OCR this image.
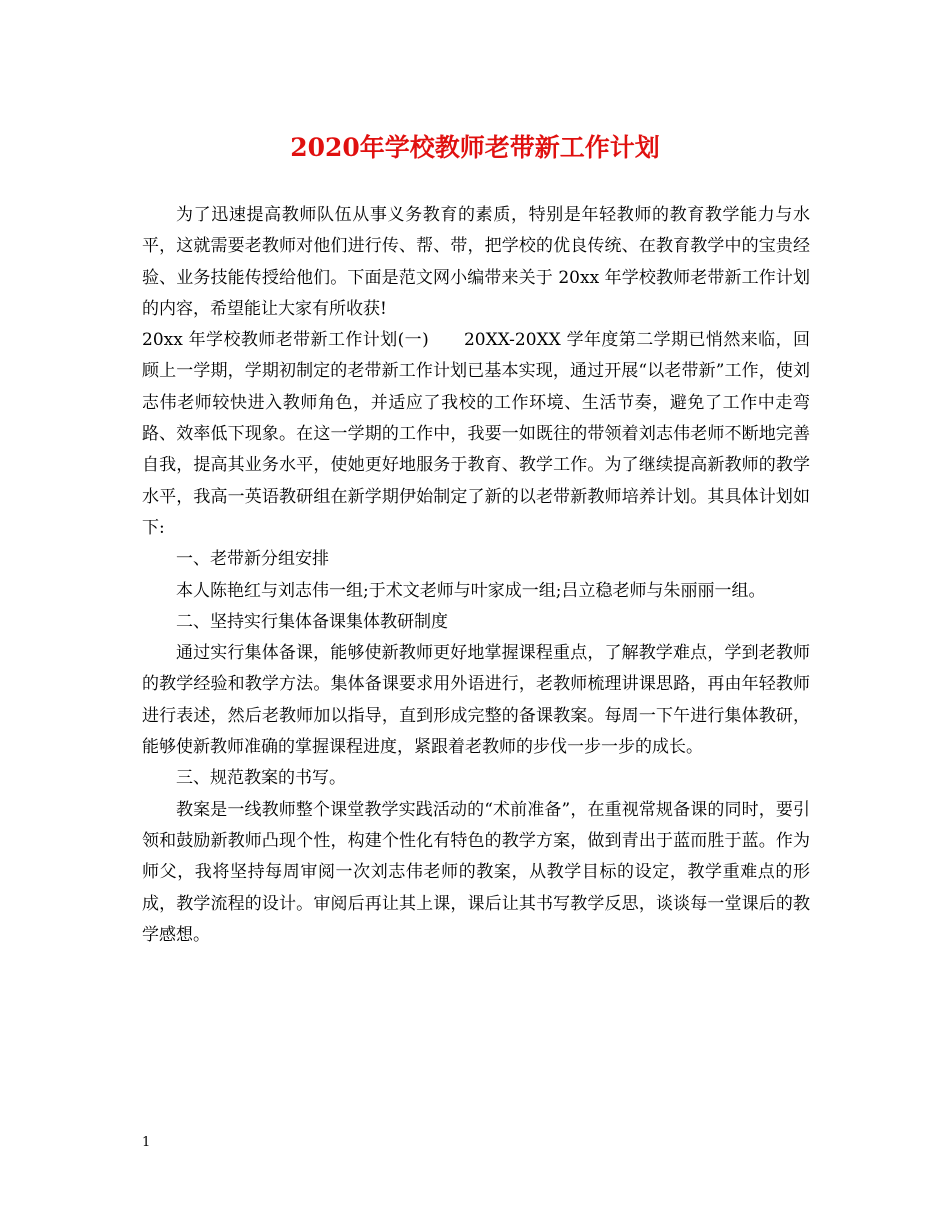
2020年学校教师老带新工作计划

为了迅速提高教师队伍从事义务教育的素质，特别是年轻教师的教育教学能力与水平，这就需要老教师对他们进行传、帮、带，把学校的优良传统、在教育教学中的宝贵经验、业务技能传授给他们。下面是范文网小编带来关于 20xx 年学校教师老带新工作计划的内容，希望能让大家有所收获!

20xx 年学校教师老带新工作计划(一)　　20XX-20XX 学年度第二学期已悄然来临，回顾上一学期，学期初制定的老带新工作计划已基本实现，通过开展“以老带新”工作，使刘志伟老师较快进入教师角色，并适应了我校的工作环境、生活节奏，避免了工作中走弯路、效率低下现象。在这一学期的工作中，我要一如既往的带领着刘志伟老师不断地完善自我，提高其业务水平，使她更好地服务于教育、教学工作。为了继续提高新教师的教学水平，我高一英语教研组在新学期伊始制定了新的以老带新教师培养计划。其具体计划如下:

一、老带新分组安排

本人陈艳红与刘志伟一组;于术文老师与叶家成一组;吕立稳老师与朱丽丽一组。

二、坚持实行集体备课集体教研制度

通过实行集体备课，能够使新教师更好地掌握课程重点，了解教学难点，学到老教师的教学经验和教学方法。集体备课要求用外语进行，老教师梳理讲课思路，再由年轻教师进行表述，然后老教师加以指导，直到形成完整的备课教案。每周一下午进行集体教研，能够使新教师准确的掌握课程进度，紧跟着老教师的步伐一步一步的成长。

三、规范教案的书写。

教案是一线教师整个课堂教学实践活动的“术前准备”，在重视常规备课的同时，要引领和鼓励新教师凸现个性，构建个性化有特色的教学方案，做到青出于蓝而胜于蓝。作为师父，我将坚持每周审阅一次刘志伟老师的教案，从教学目标的设定，教学重难点的形成，教学流程的设计。审阅后再让其上课，课后让其书写教学反思，谈谈每一堂课后的教学感想。

1
